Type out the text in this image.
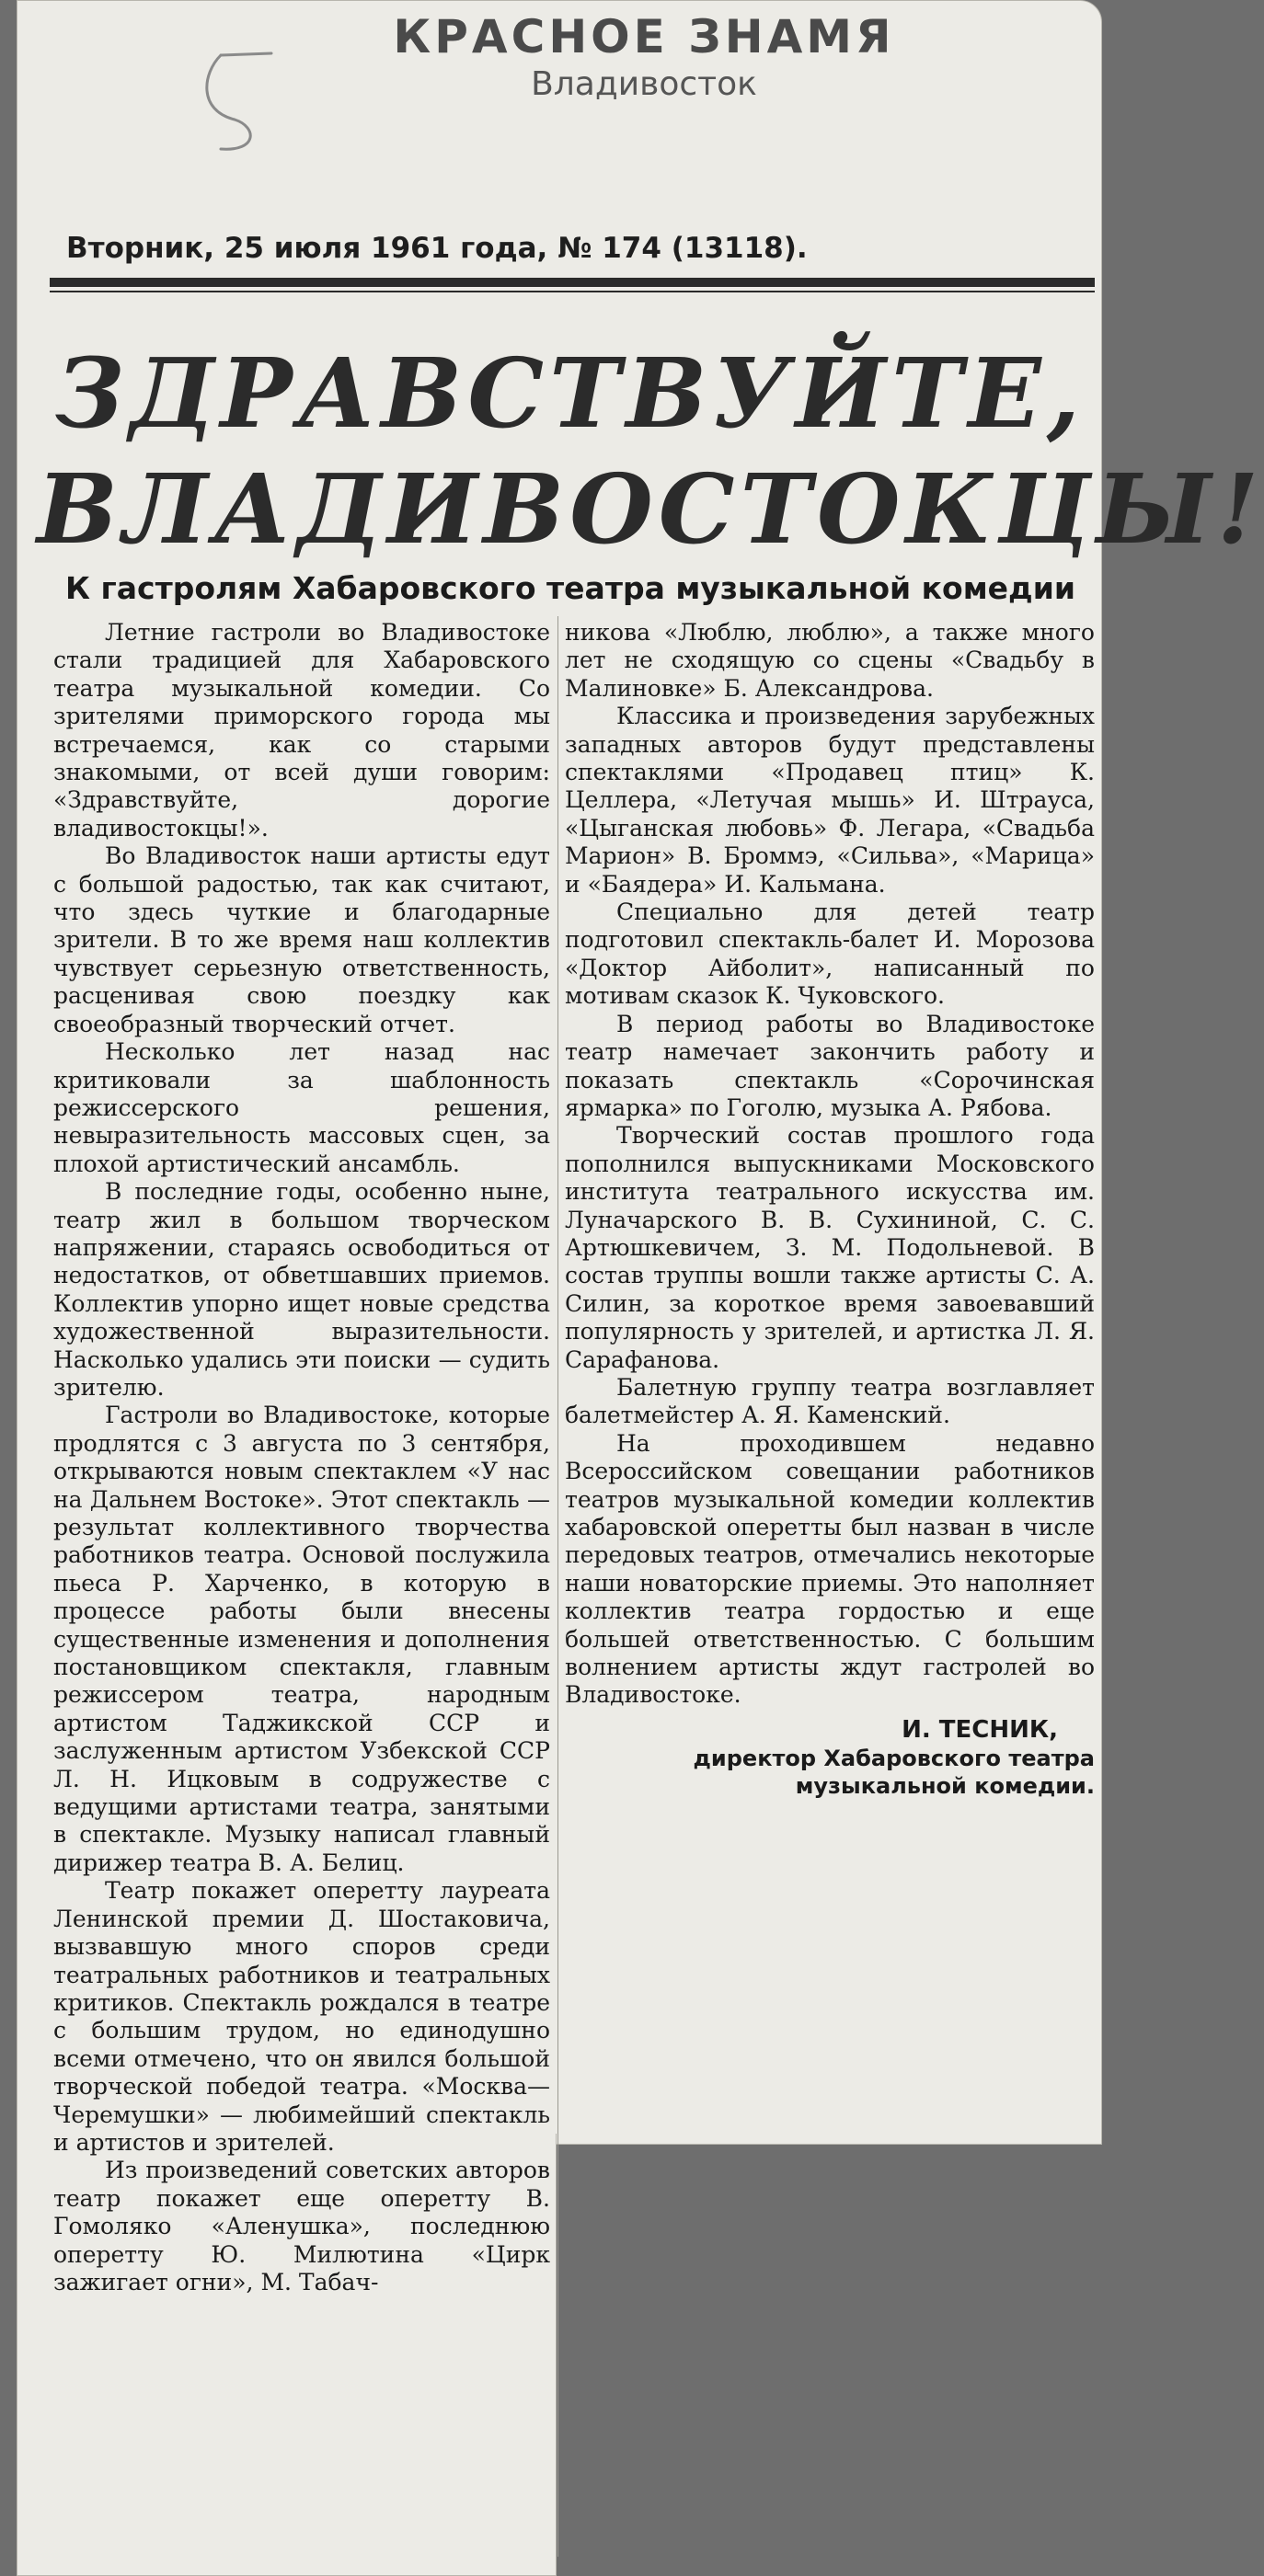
КРАСНОЕ ЗНАМЯ
Владивосток
Вторник, 25 июля 1961 года, № 174 (13118).
ЗДРАВСТВУЙТЕ,
ВЛАДИВОСТОКЦЫ!
К гастролям Хабаровского театра музыкальной комедии

Летние гастроли во Владивостоке стали традицией для Хабаровского театра музыкальной комедии. Со зрителями приморского города мы встречаемся, как со старыми знакомыми, от всей души говорим: «Здравствуйте, дорогие владивостокцы!».

Во Владивосток наши артисты едут с большой радостью, так как считают, что здесь чуткие и благодарные зрители. В то же время наш коллектив чувствует серьезную ответственность, расценивая свою поездку как своеобразный творческий отчет.

Несколько лет назад нас критиковали за шаблонность режиссерского решения, невыразительность массовых сцен, за плохой артистический ансамбль.

В последние годы, особенно ныне, театр жил в большом творческом напряжении, стараясь освободиться от недостатков, от обветшавших приемов. Коллектив упорно ищет новые средства художественной выразительности. Насколько удались эти поиски — судить зрителю.

Гастроли во Владивостоке, которые продлятся с 3 августа по 3 сентября, открываются новым спектаклем «У нас на Дальнем Востоке». Этот спектакль — результат коллективного творчества работников театра. Основой послужила пьеса Р. Харченко, в которую в процессе работы были внесены существенные изменения и дополнения постановщиком спектакля, главным режиссером театра, народным артистом Таджикской ССР и заслуженным артистом Узбекской ССР Л. Н. Ицковым в содружестве с ведущими артистами театра, занятыми в спектакле. Музыку написал главный дирижер театра В. А. Белиц.

Театр покажет оперетту лауреата Ленинской премии Д. Шостаковича, вызвавшую много споров среди театральных работников и театральных критиков. Спектакль рождался в театре с большим трудом, но единодушно всеми отмечено, что он явился большой творческой победой театра. «Москва—Черемушки» — любимейший спектакль и артистов и зрителей.

Из произведений советских авторов театр покажет еще оперетту В. Гомоляко «Аленушка», последнюю оперетту Ю. Милютина «Цирк зажигает огни», М. Табач-

никова «Люблю, люблю», а также много лет не сходящую со сцены «Свадьбу в Малиновке» Б. Александрова.

Классика и произведения зарубежных западных авторов будут представлены спектаклями «Продавец птиц» К. Целлера, «Летучая мышь» И. Штрауса, «Цыганская любовь» Ф. Легара, «Свадьба Марион» В. Броммэ, «Сильва», «Марица» и «Баядера» И. Кальмана.

Специально для детей театр подготовил спектакль-балет И. Морозова «Доктор Айболит», написанный по мотивам сказок К. Чуковского.

В период работы во Владивостоке театр намечает закончить работу и показать спектакль «Сорочинская ярмарка» по Гоголю, музыка А. Рябова.

Творческий состав прошлого года пополнился выпускниками Московского института театрального искусства им. Луначарского В. В. Сухининой, С. С. Артюшкевичем, З. М. Подольневой. В состав труппы вошли также артисты С. А. Силин, за короткое время завоевавший популярность у зрителей, и артистка Л. Я. Сарафанова.

Балетную группу театра возглавляет балетмейстер А. Я. Каменский.

На проходившем недавно Всероссийском совещании работников театров музыкальной комедии коллектив хабаровской оперетты был назван в числе передовых театров, отмечались некоторые наши новаторские приемы. Это наполняет коллектив театра гордостью и еще большей ответственностью. С большим волнением артисты ждут гастролей во Владивостоке.

И. ТЕСНИК,
директор Хабаровского театра
музыкальной комедии.
